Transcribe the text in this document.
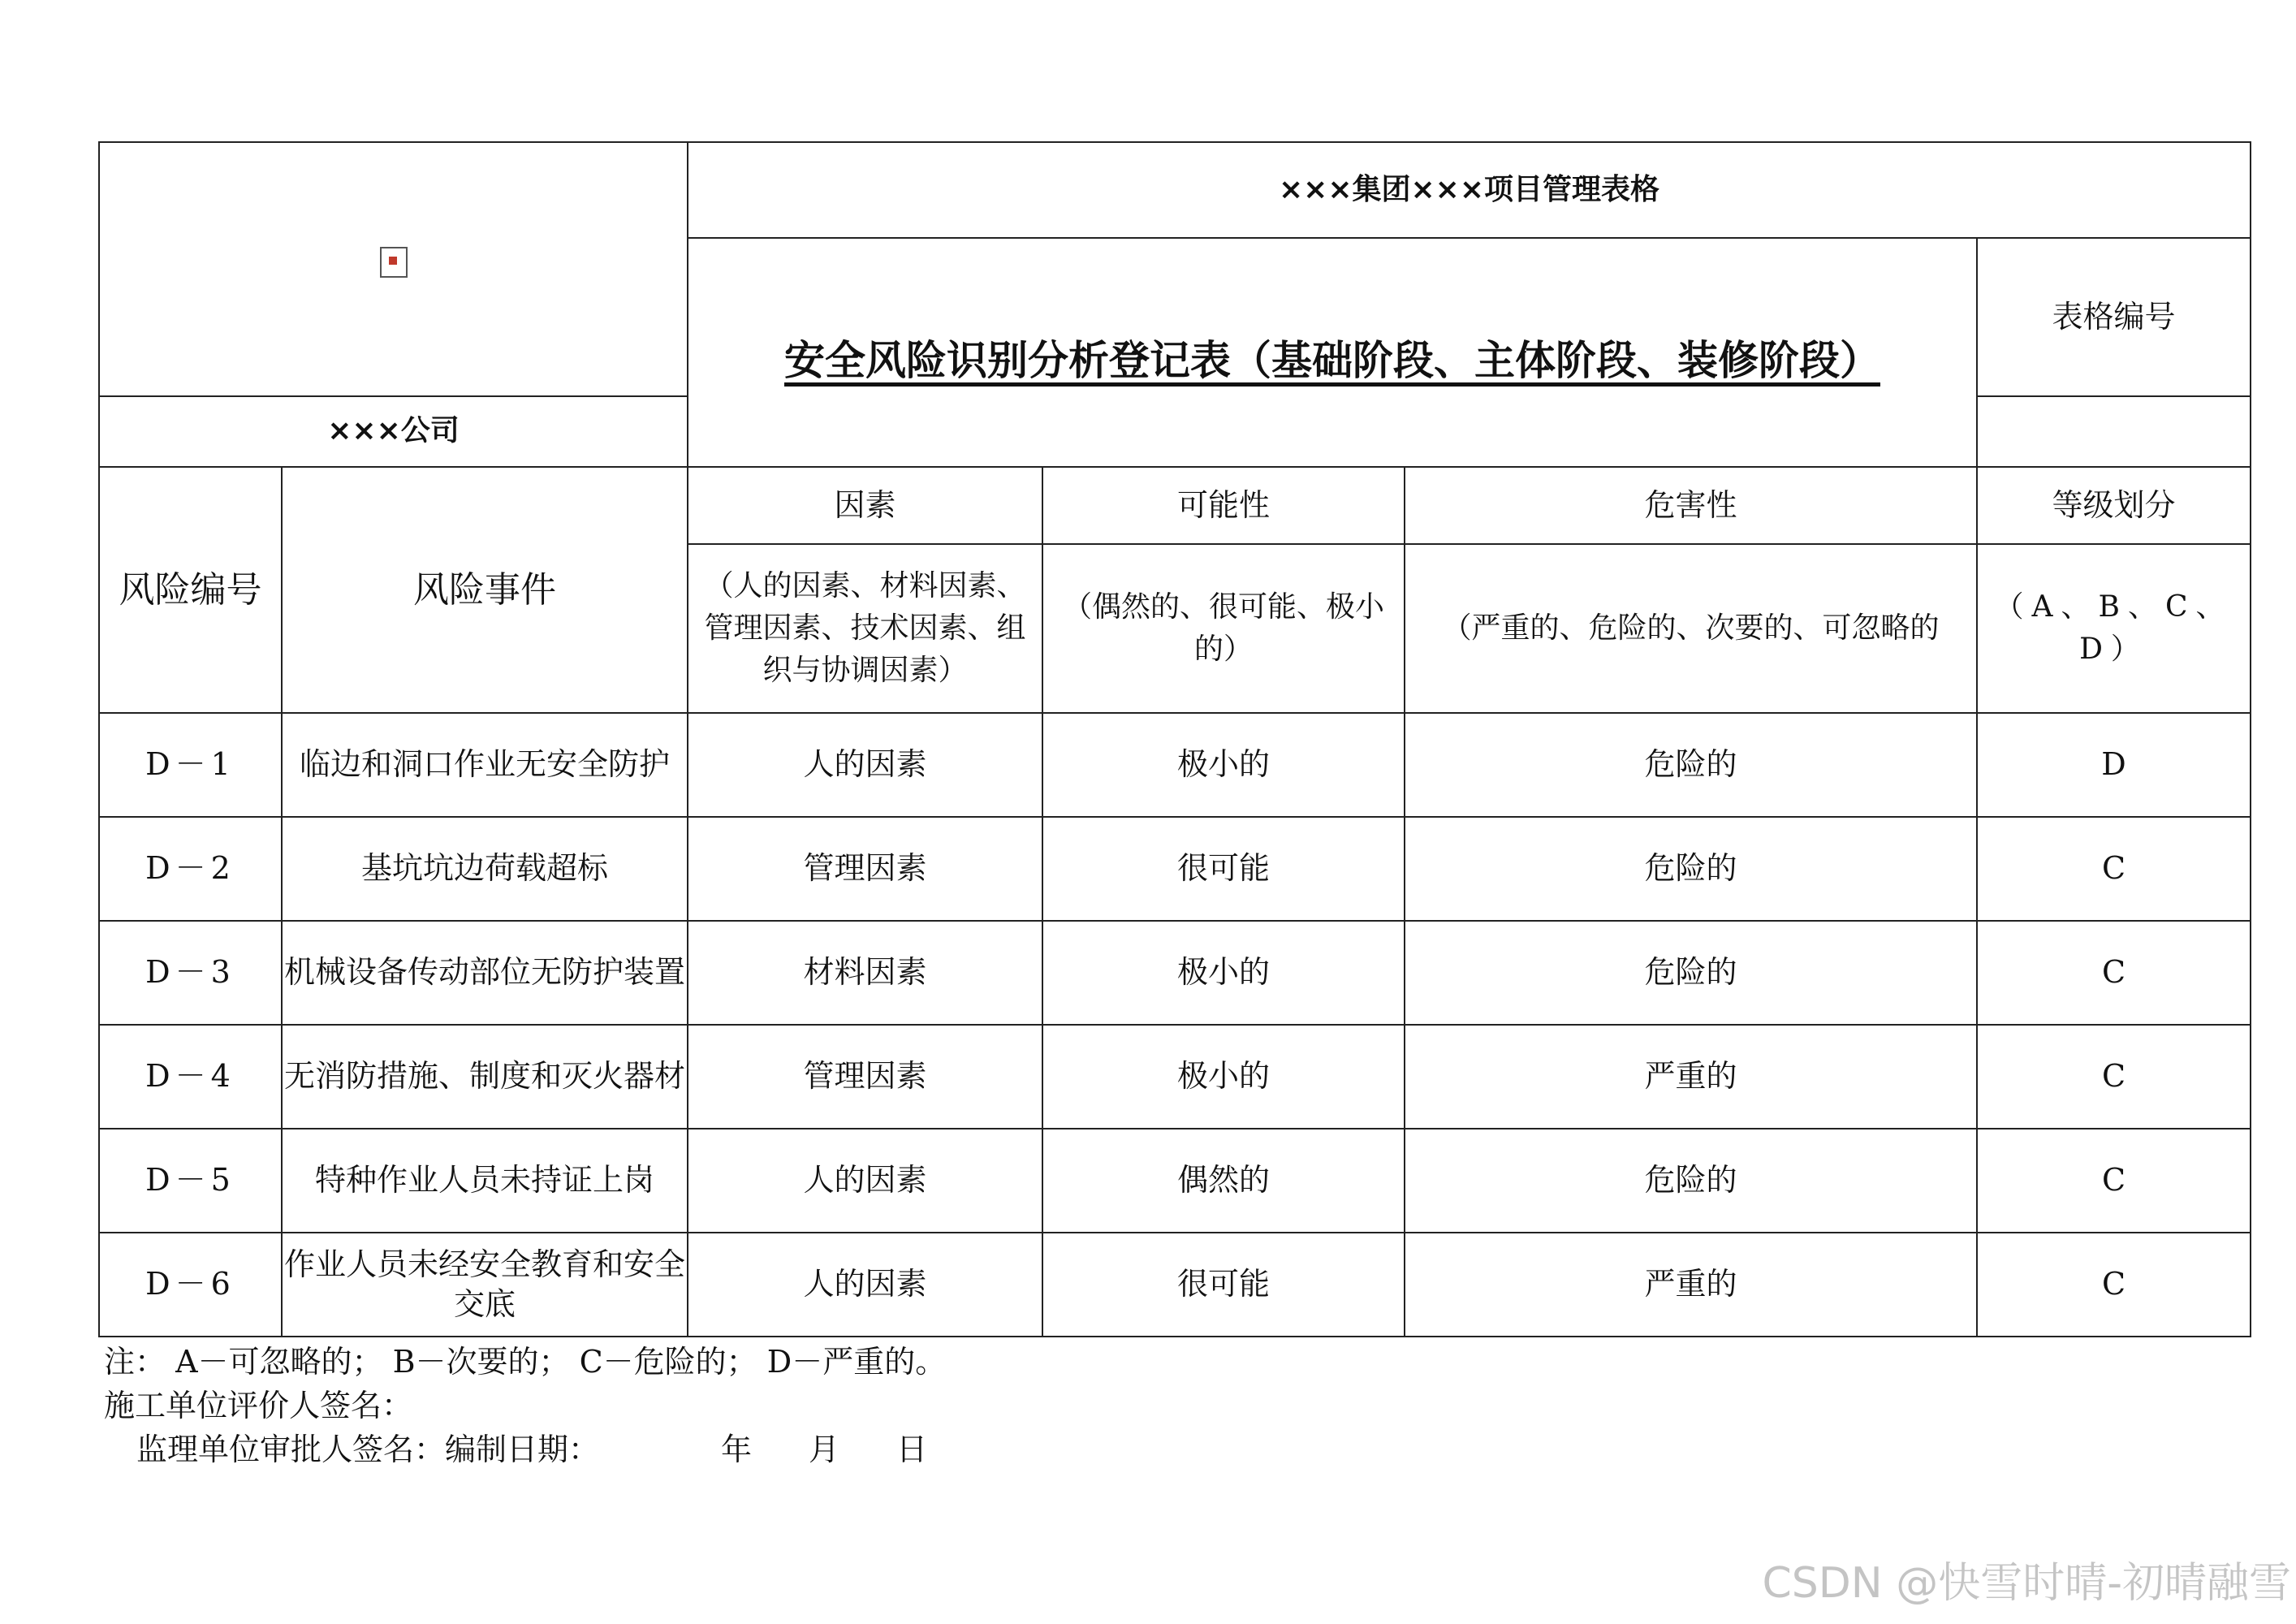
		×××集团×××项目管理表格			
		安全风险识别分析登记表（基础阶段、主体阶段、装修阶段）			表格编号
×××公司					
风险编号	风险事件	因素	可能性	危害性	等级划分
		（人的因素、材料因素、管理因素、技术因素、组织与协调因素）	（偶然的、很可能、极小的）	（严重的、危险的、次要的、可忽略的	（A、B、C、D）
D－1	临边和洞口作业无安全防护	人的因素	极小的	危险的	D
D－2	基坑坑边荷载超标	管理因素	很可能	危险的	C
D－3	机械设备传动部位无防护装置	材料因素	极小的	危险的	C
D－4	无消防措施、制度和灭火器材	管理因素	极小的	严重的	C
D－5	特种作业人员未持证上岗	人的因素	偶然的	危险的	C
D－6	作业人员未经安全教育和安全交底	人的因素	很可能	严重的	C
注： A－可忽略的； B－次要的； C－危险的； D－严重的。
施工单位评价人签名：
监理单位审批人签名：编制日期：	年 月 日
CSDN @快雪时晴-初晴融雪
